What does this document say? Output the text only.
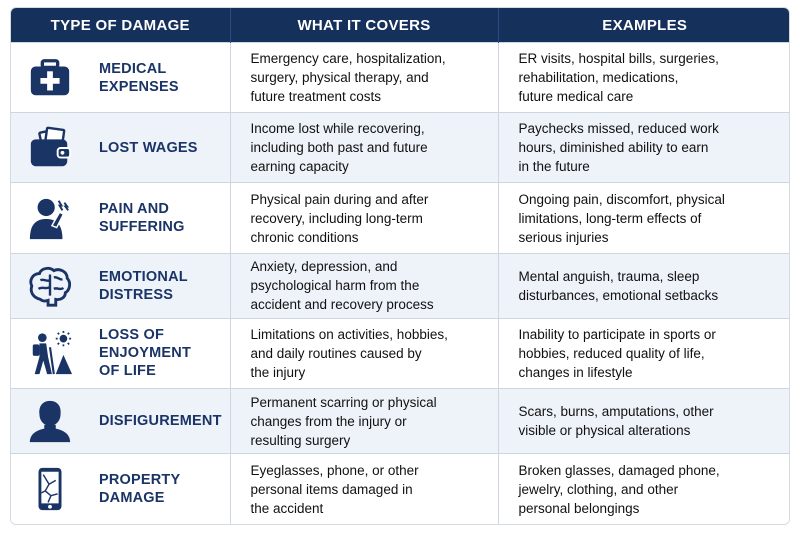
TYPE OF DAMAGE	WHAT IT COVERS	EXAMPLES

MEDICAL
EXPENSES	Emergency care, hospitalization,
surgery, physical therapy, and
future treatment costs	ER visits, hospital bills, surgeries,
rehabilitation, medications,
future medical care

LOST WAGES	Income lost while recovering,
including both past and future
earning capacity	Paychecks missed, reduced work
hours, diminished ability to earn
in the future

PAIN AND
SUFFERING	Physical pain during and after
recovery, including long-term
chronic conditions	Ongoing pain, discomfort, physical
limitations, long-term effects of
serious injuries

EMOTIONAL
DISTRESS	Anxiety, depression, and
psychological harm from the
accident and recovery process	Mental anguish, trauma, sleep
disturbances, emotional setbacks

LOSS OF
ENJOYMENT
OF LIFE	Limitations on activities, hobbies,
and daily routines caused by
the injury	Inability to participate in sports or
hobbies, reduced quality of life,
changes in lifestyle

DISFIGUREMENT	Permanent scarring or physical
changes from the injury or
resulting surgery	Scars, burns, amputations, other
visible or physical alterations

PROPERTY
DAMAGE	Eyeglasses, phone, or other
personal items damaged in
the accident	Broken glasses, damaged phone,
jewelry, clothing, and other
personal belongings
